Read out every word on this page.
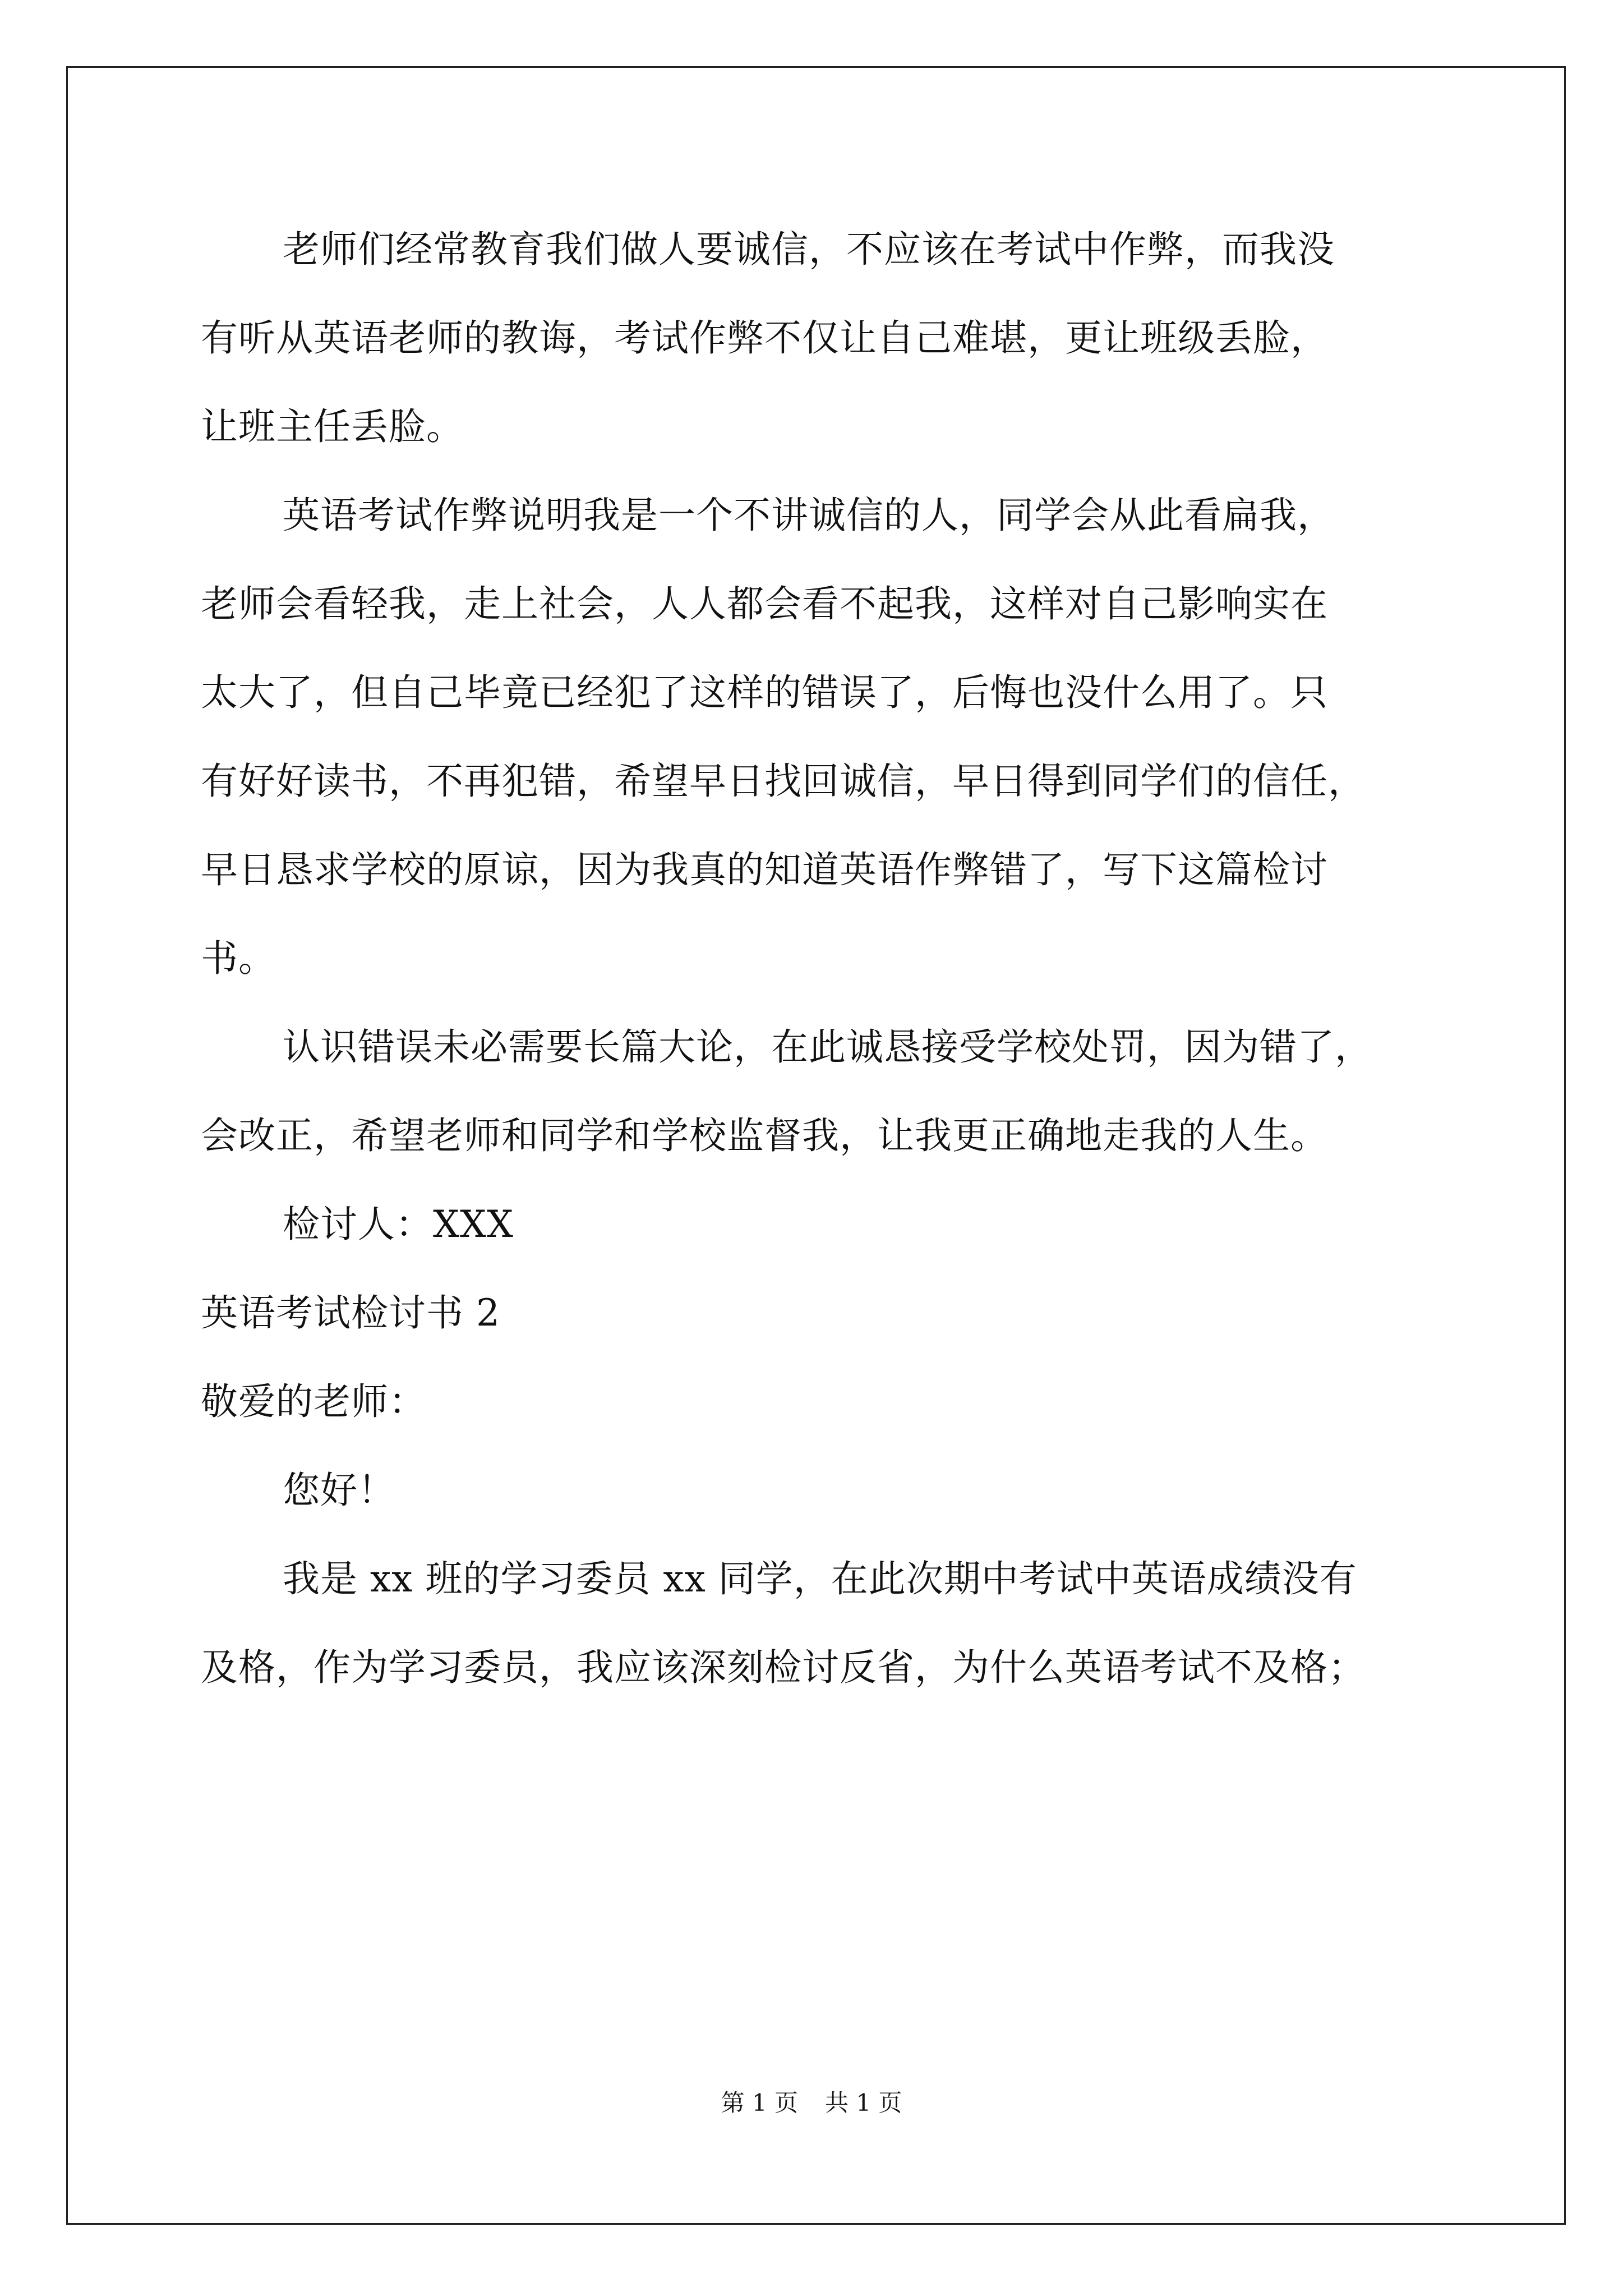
老师们经常教育我们做人要诚信，不应该在考试中作弊，而我没
有听从英语老师的教诲，考试作弊不仅让自己难堪，更让班级丢脸，
让班主任丢脸。
英语考试作弊说明我是一个不讲诚信的人，同学会从此看扁我，
老师会看轻我，走上社会，人人都会看不起我，这样对自己影响实在
太大了，但自己毕竟已经犯了这样的错误了，后悔也没什么用了。只
有好好读书，不再犯错，希望早日找回诚信，早日得到同学们的信任，
早日恳求学校的原谅，因为我真的知道英语作弊错了，写下这篇检讨
书。
认识错误未必需要长篇大论，在此诚恳接受学校处罚，因为错了，
会改正，希望老师和同学和学校监督我，让我更正确地走我的人生。
检讨人：XXX
英语考试检讨书 2
敬爱的老师：
您好！
我是 xx 班的学习委员 xx 同学，在此次期中考试中英语成绩没有
及格，作为学习委员，我应该深刻检讨反省，为什么英语考试不及格；
第 1 页 共 1 页
